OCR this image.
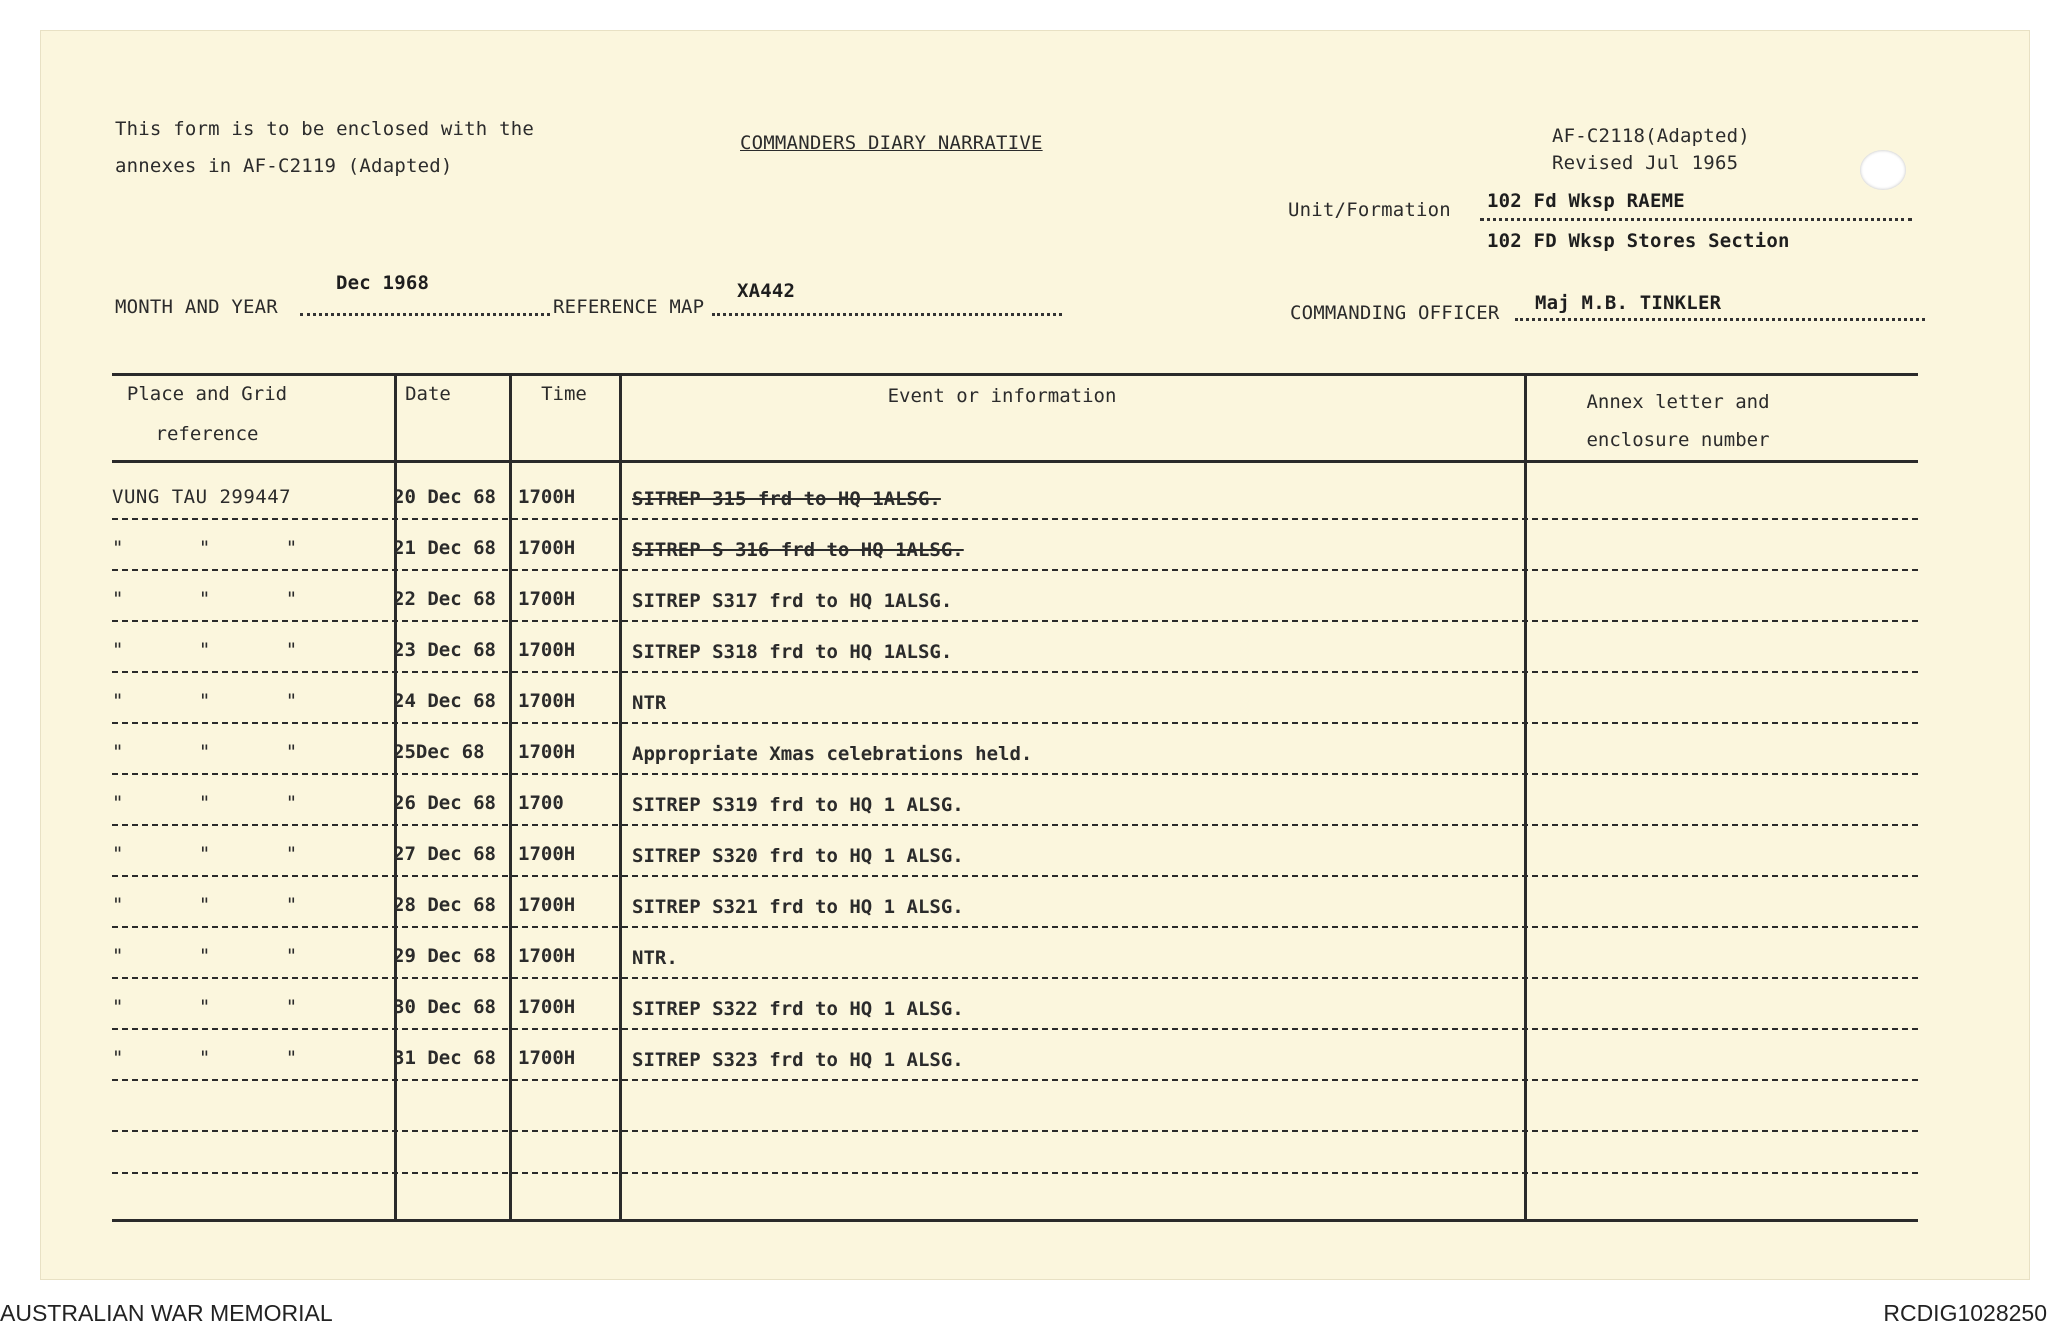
This form is to be enclosed with the
annexes in AF-C2119 (Adapted)
COMMANDERS DIARY NARRATIVE	AF-C2118(Adapted)
Revised Jul 1965
Unit/Formation 102 Fd Wksp RAEME
102 FD Wksp Stores Section
MONTH AND YEAR
Dec 1968
REFERENCE MAP
XA442
COMMANDING OFFICER Maj M.B. TINKLER
Place and Grid
reference
Date	Time	Event or information	Annex letter and
enclosure number
VUNG TAU 299447	20 Dec 68 1700H	SITREP 315 frd to HQ 1ALSG.
" " "	21 Dec 68 1700H	SITREP S 316 frd to HQ 1ALSG.
" " "	22 Dec 68 1700H	SITREP S317 frd to HQ 1ALSG.
" " "	23 Dec 68 1700H	SITREP S318 frd to HQ 1ALSG.
" " "	24 Dec 68 1700H	NTR
" " "	25Dec 68 1700H	Appropriate Xmas celebrations held.
" " "	26 Dec 68 1700	SITREP S319 frd to HQ 1 ALSG.
" " "	27 Dec 68 1700H	SITREP S320 frd to HQ 1 ALSG.
" " "	28 Dec 68 1700H	SITREP S321 frd to HQ 1 ALSG.
" " "	29 Dec 68 1700H	NTR.
" " "	30 Dec 68 1700H	SITREP S322 frd to HQ 1 ALSG.
" " "	31 Dec 68 1700H	SITREP S323 frd to HQ 1 ALSG.
AUSTRALIAN WAR MEMORIAL	RCDIG1028250
